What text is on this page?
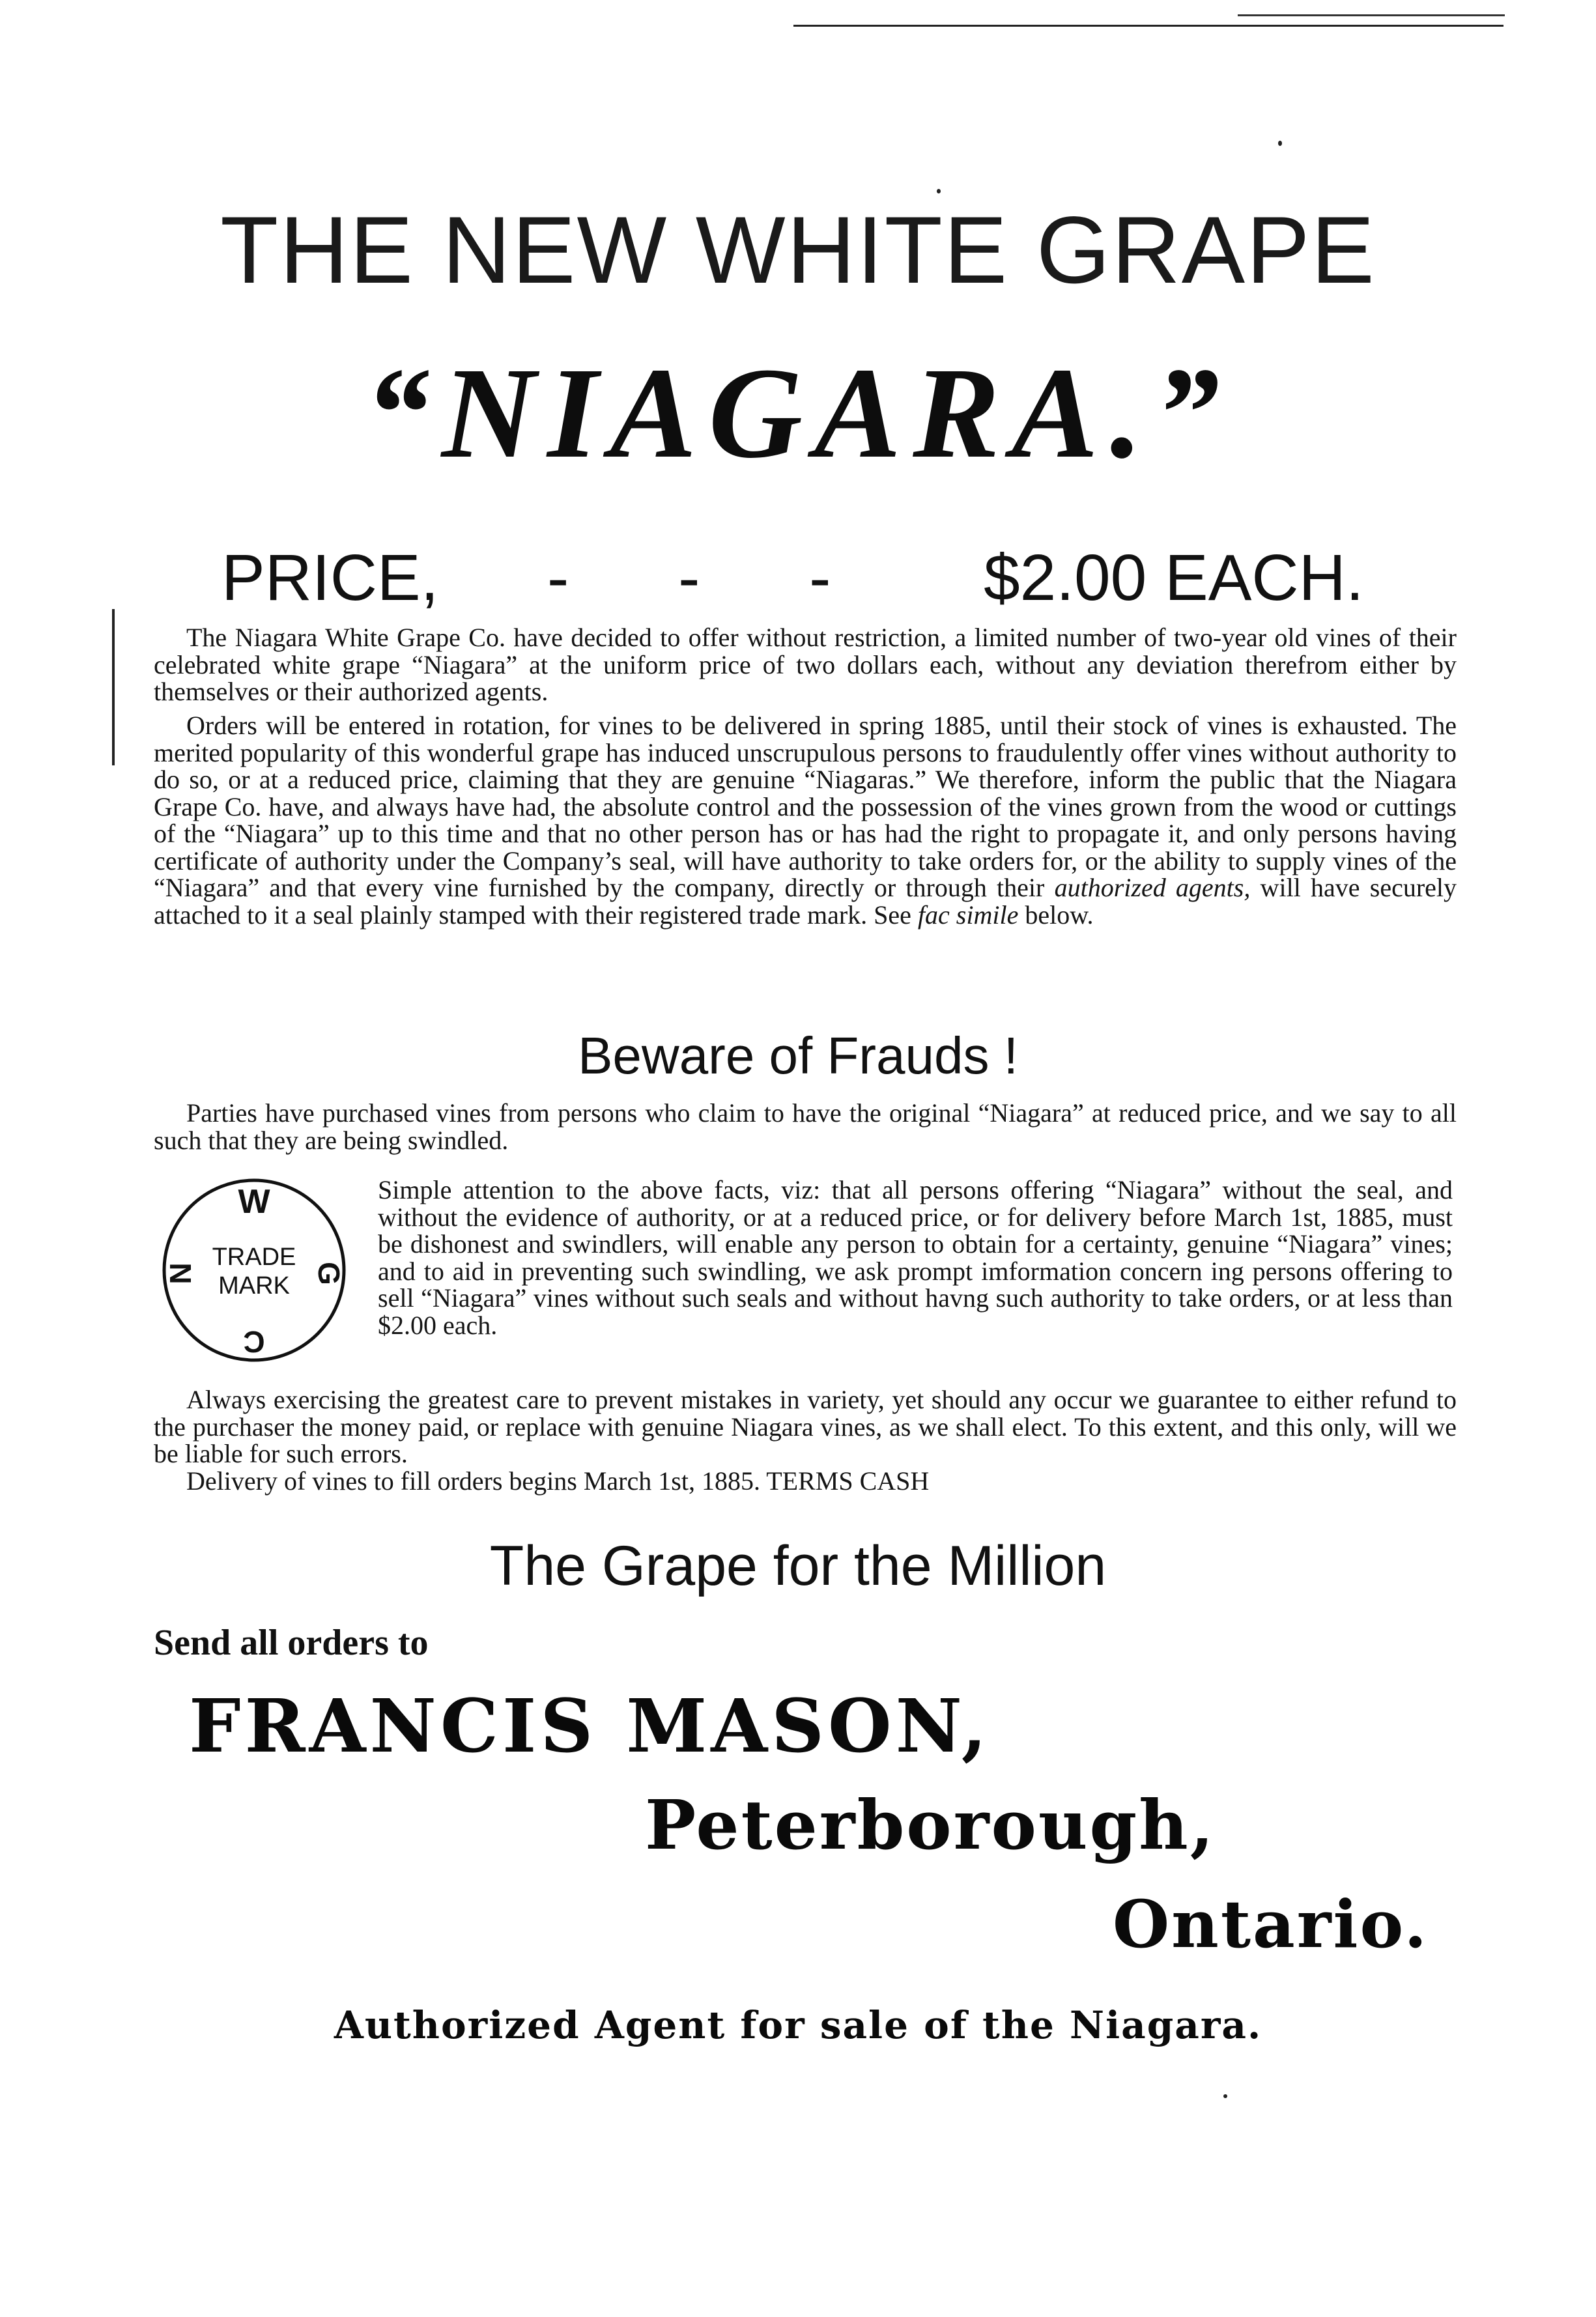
THE NEW WHITE GRAPE
“NIAGARA.”
PRICE, - - - $2.00 EACH.
The Niagara White Grape Co. have decided to offer without restriction, a limited number of two-year old vines of their celebrated white grape “Niagara” at the uniform price of two dollars each, without any deviation therefrom either by themselves or their authorized agents.
Orders will be entered in rotation, for vines to be delivered in spring 1885, until their stock of vines is exhausted. The merited popularity of this wonderful grape has induced unscrupulous persons to fraudulently offer vines without authority to do so, or at a reduced price, claiming that they are genuine “Niagaras.” We therefore, inform the public that the Niagara Grape Co. have, and always have had, the absolute control and the possession of the vines grown from the wood or cuttings of the “Niagara” up to this time and that no other person has or has had the right to propagate it, and only persons having certificate of authority under the Company’s seal, will have authority to take orders for, or the ability to supply vines of the “Niagara” and that every vine furnished by the company, directly or through their authorized agents, will have securely attached to it a seal plainly stamped with their registered trade mark. See fac simile below.
Beware of Frauds !
Parties have purchased vines from persons who claim to have the original “Niagara” at reduced price, and we say to all such that they are being swindled.
W
N	G
C
TRADE
MARK
Simple attention to the above facts, viz: that all persons offering “Niagara” without the seal, and without the evidence of authority, or at a reduced price, or for delivery before March 1st, 1885, must be dishonest and swindlers, will enable any person to obtain for a certainty, genuine “Niagara” vines; and to aid in preventing such swindling, we ask prompt imformation concern ing persons offering to sell “Niagara” vines without such seals and without havng such authority to take orders, or at less than $2.00 each.
Always exercising the greatest care to prevent mistakes in variety, yet should any occur we guarantee to either refund to the purchaser the money paid, or replace with genuine Niagara vines, as we shall elect. To this extent, and this only, will we be liable for such errors.
Delivery of vines to fill orders begins March 1st, 1885. TERMS CASH
The Grape for the Million
Send all orders to
FRANCIS MASON,
Peterborough,
Ontario.
Authorized Agent for sale of the Niagara.
